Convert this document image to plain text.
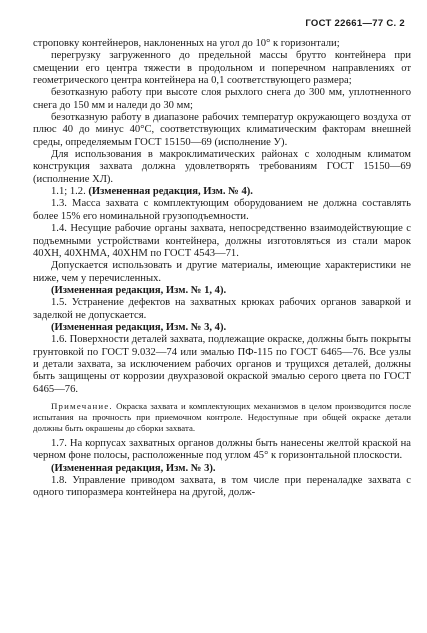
ГОСТ 22661—77 С. 2

строповку контейнеров, наклоненных на угол до 10° к горизонтали;

перегрузку загруженного до предельной массы брутто контейнера при смещении его центра тяжести в продольном и поперечном направлениях от геометрического центра контейнера на 0,1 соответствующего размера;

безотказную работу при высоте слоя рыхлого снега до 300 мм, уплотненного снега до 150 мм и наледи до 30 мм;

безотказную работу в диапазоне рабочих температур окружающего воздуха от плюс 40 до минус 40°С, соответствующих климатическим факторам внешней среды, определяемым ГОСТ 15150—69 (исполнение У).

Для использования в макроклиматических районах с холодным климатом конструкция захвата должна удовлетворять требованиям ГОСТ 15150—69 (исполнение ХЛ).

1.1; 1.2. (Измененная редакция, Изм. № 4).

1.3. Масса захвата с комплектующим оборудованием не должна составлять более 15% его номинальной грузоподъемности.

1.4. Несущие рабочие органы захвата, непосредственно взаимодействующие с подъемными устройствами контейнера, должны изготовляться из стали марок 40ХН, 40ХНМА, 40ХНМ по ГОСТ 4543—71.

Допускается использовать и другие материалы, имеющие характеристики не ниже, чем у перечисленных.

(Измененная редакция, Изм. № 1, 4).

1.5. Устранение дефектов на захватных крюках рабочих органов заваркой и заделкой не допускается.

(Измененная редакция, Изм. № 3, 4).

1.6. Поверхности деталей захвата, подлежащие окраске, должны быть покрыты грунтовкой по ГОСТ 9.032—74 или эмалью ПФ-115 по ГОСТ 6465—76. Все узлы и детали захвата, за исключением рабочих органов и трущихся деталей, должны быть защищены от коррозии двухразовой окраской эмалью серого цвета по ГОСТ 6465—76.

Примечание. Окраска захвата и комплектующих механизмов в целом производится после испытания на прочность при приемочном контроле. Недоступные при общей окраске детали должны быть окрашены до сборки захвата.

1.7. На корпусах захватных органов должны быть нанесены желтой краской на черном фоне полосы, расположенные под углом 45° к горизонтальной плоскости.

(Измененная редакция, Изм. № 3).

1.8. Управление приводом захвата, в том числе при переналадке захвата с одного типоразмера контейнера на другой, долж-
